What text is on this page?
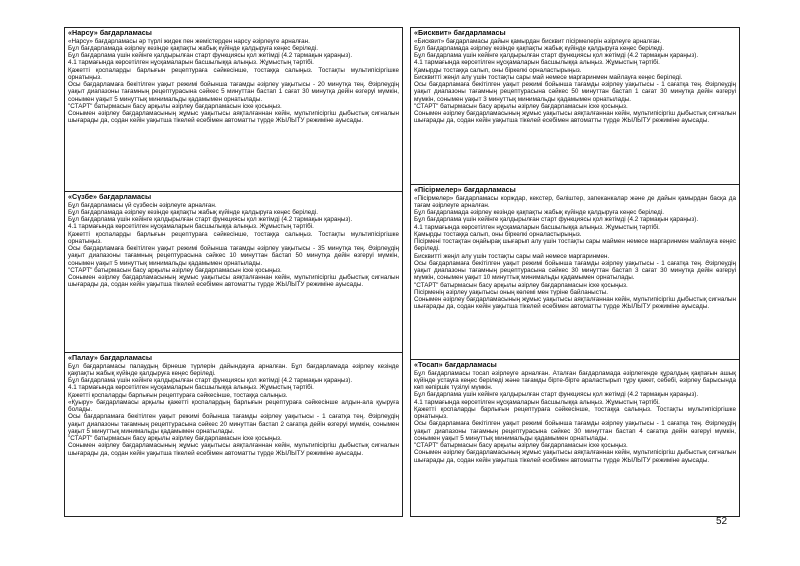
«Нарсу» бағдарламасы

«Нарсу» бағдарламасы әр түрлі жидек пен жемістерден нарсу әзірлеуге арналған.

Бұл бағдарламада әзірлеу кезінде қақпақты жабық күйінде қалдыруға кеңес беріледі.

Бұл бағдарлама үшін кейінге қалдырылған старт функциясы қол жетімді (4.2 тармақын қараңыз).

4.1 тармағында көрсетілген нұсқамаларын басшылыққа алыңыз. Жұмыстың тәртібі.

Қажетті қоспаларды барлығын рецептураға сәйкесінше, тостаққа салыңыз. Тостақты мультипісіргішке орнатыңыз.

Осы бағдарламаға бекітілген уақыт режимі бойынша тағамды әзірлеу уақытысы - 20 минутқа тең. Әзірлеудің уақыт диапазоны тағамның рецептурасына сәйкес 5 минуттан бастап 1 сағат 30 минутқа дейін өзгеруі мүмкін, сонымен уақыт 5 минуттық минимальды қадамымен орнатылады.

"СТАРТ" батырмасын басу арқылы әзірлеу бағдарламасын іске қосыңыз.

Сонымен әзірлеу бағдарламасының жұмыс уақытысы аяқталғаннан кейін, мультипісіргіш дыбыстық сигналын шығарады да, содан кейін уақытша тікелей есебімен автоматты түрде ЖЫЛЫТУ режиміне ауысады.

«Сүзбе» бағдарламасы

Бұл бағдарламасы үй сүзбесін әзірлеуге арналған.

Бұл бағдарламада әзірлеу кезінде қақпақты жабық күйінде қалдыруға кеңес беріледі.

Бұл бағдарлама үшін кейінге қалдырылған старт функциясы қол жетімді (4.2 тармақын қараңыз).

4.1 тармағында көрсетілген нұсқамаларын басшылыққа алыңыз. Жұмыстың тәртібі.

Қажетті қоспаларды барлығын рецептураға сәйкесінше, тостаққа салыңыз. Тостақты мультипісіргішке орнатыңыз.

Осы бағдарламаға бекітілген уақыт режимі бойынша тағамды әзірлеу уақытысы - 35 минутқа тең. Әзірлеудің уақыт диапазоны тағамның рецептурасына сәйкес 10 минуттан бастап 50 минутқа дейін өзгеруі мүмкін, сонымен уақыт 5 минуттық минимальды қадамымен орнатылады.

"СТАРТ" батырмасын басу арқылы әзірлеу бағдарламасын іске қосыңыз.

Сонымен әзірлеу бағдарламасының жұмыс уақытысы аяқталғаннан кейін, мультипісіргіш дыбыстық сигналын шығарады да, содан кейін уақытша тікелей есебімен автоматты түрде ЖЫЛЫТУ режиміне ауысады.

«Палау» бағдарламасы

Бұл бағдарламасы палаудың бірнеше түрлерін дайындауға арналған. Бұл бағдарламада әзірлеу кезінде қақпақты жабық күйінде қалдыруға кеңес беріледі.

Бұл бағдарлама үшін кейінге қалдырылған старт функциясы қол жетімді (4.2 тармақын қараңыз).

4.1 тармағында көрсетілген нұсқамаларын басшылыққа алыңыз. Жұмыстың тәртібі.

Қажетті қоспаларды барлығын рецептураға сәйкесінше, тостаққа салыңыз.

«Қуыру» бағдарламасы арқылы қажетті қоспалардың барлығын рецептураға сәйкесінше алдын-ала қуыруға болады.

Осы бағдарламаға бекітілген уақыт режимі бойынша тағамды әзірлеу уақытысы - 1 сағатқа тең. Әзірлеудің уақыт диапазоны тағамның рецептурасына сәйкес 20 минуттан бастап 2 сағатқа дейін өзгеруі мүмкін, сонымен уақыт 5 минуттық минимальды қадамымен орнатылады.

"СТАРТ" батырмасын басу арқылы әзірлеу бағдарламасын іске қосыңыз.

Сонымен әзірлеу бағдарламасының жұмыс уақытысы аяқталғаннан кейін, мультипісіргіш дыбыстық сигналын шығарады да, содан кейін уақытша тікелей есебімен автоматты түрде ЖЫЛЫТУ режиміне ауысады.

«Бисквит» бағдарламасы

«Бисквит» бағдарламасы дайын қамырдан бисквит пісірмелерін әзірлеуге арналған.

Бұл бағдарламада әзірлеу кезінде қақпақты жабық күйінде қалдыруға кеңес беріледі.

Бұл бағдарлама үшін кейінге қалдырылған старт функциясы қол жетімді (4.2 тармақын қараңыз).

4.1 тармағында көрсетілген нұсқамаларын басшылыққа алыңыз. Жұмыстың тәртібі.

Қамырды тостаққа салып, оны біркелкі орналастырыңыз.

Бисквитті жеңіл алу үшін тостақты сары май немесе маргаринмен майлауға кеңес беріледі.

Осы бағдарламаға бекітілген уақыт режимі бойынша тағамды әзірлеу уақытысы - 1 сағатқа тең. Әзірлеудің уақыт диапазоны тағамның рецептурасына сәйкес 50 минуттан бастап 1 сағат 30 минутқа дейін өзгеруі мүмкін, сонымен уақыт 3 минуттық минимальды қадамымен орнатылады.

"СТАРТ" батырмасын басу арқылы әзірлеу бағдарламасын іске қосыңыз.

Сонымен әзірлеу бағдарламасының жұмыс уақытысы аяқталғаннан кейін, мультипісіргіш дыбыстық сигналын шығарады да, содан кейін уақытша тікелей есебімен автоматты түрде ЖЫЛЫТУ режиміне ауысады.

«Пісірмелер» бағдарламасы

«Пісірмелер» бағдарламасы корждар, кекстер, бәліштер, запеканкалар және де дайын қамырдан басқа да тағам әзірлеуге арналған.

Бұл бағдарламада әзірлеу кезінде қақпақты жабық күйінде қалдыруға кеңес беріледі.

Бұл бағдарлама үшін кейінге қалдырылған старт функциясы қол жетімді (4.2 тармақын қараңыз).

4.1 тармағында көрсетілген нұсқамаларын басшылыққа алыңыз. Жұмыстың тәртібі.

Қамырды тостаққа салып, оны біркелкі орналастырыңыз.

Пісірмені тостақтан оңайырақ шығарып алу үшін тостақты сары маймен немесе маргаринмен майлауға кеңес беріледі.

Бисквитті жеңіл алу үшін тостақты сары май немесе маргаринмен.

Осы бағдарламаға бекітілген уақыт режимі бойынша тағамды әзірлеу уақытысы - 1 сағатқа тең. Әзірлеудің уақыт диапазоны тағамның рецептурасына сәйкес 30 минуттан бастап 3 сағат 30 минутқа дейін өзгеруі мүмкін, сонымен уақыт 10 минуттық минимальды қадамымен орнатылады.

"СТАРТ" батырмасын басу арқылы әзірлеу бағдарламасын іске қосыңыз.

Пісірменің әзірлеу уақытысы оның көлемі мен түріне байланысты.

Сонымен әзірлеу бағдарламасының жұмыс уақытысы аяқталғаннан кейін, мультипісіргіш дыбыстық сигналын шығарады да, содан кейін уақытша тікелей есебімен автоматты түрде ЖЫЛЫТУ режиміне ауысады.

«Тосап» бағдарламасы

Бұл бағдарламасы тосап әзірлеуге арналған. Аталған бағдарламада әзірлегенде құралдың қақпағын ашық күйінде устауға кеңес беріледі және тағамды бірте-бірте араластырып тұру қажет, себебі, әзірлеу барысында көп көпіршік түзілуі мүмкін.

Бұл бағдарлама үшін кейінге қалдырылған старт функциясы қол жетімді (4.2 тармақын қараңыз).

4.1 тармағында көрсетілген нұсқамаларын басшылыққа алыңыз. Жұмыстың тәртібі.

Қажетті қоспаларды барлығын рецептураға сәйкесінше, тостаққа салыңыз. Тостақты мультипісіргішке орнатыңыз.

Осы бағдарламаға бекітілген уақыт режимі бойынша тағамды әзірлеу уақытысы - 1 сағатқа тең. Әзірлеудің уақыт диапазоны тағамның рецептурасына сәйкес 30 минуттан бастап 4 сағатқа дейін өзгеруі мүмкін, сонымен уақыт 5 минуттық минимальды қадамымен орнатылады.

"СТАРТ" батырмасын басу арқылы әзірлеу бағдарламасын іске қосыңыз.

Сонымен әзірлеу бағдарламасының жұмыс уақытысы аяқталғаннан кейін, мультипісіргіш дыбыстық сигналын шығарады да, содан кейін уақытша тікелей есебімен автоматты түрде ЖЫЛЫТУ режиміне ауысады.

52
